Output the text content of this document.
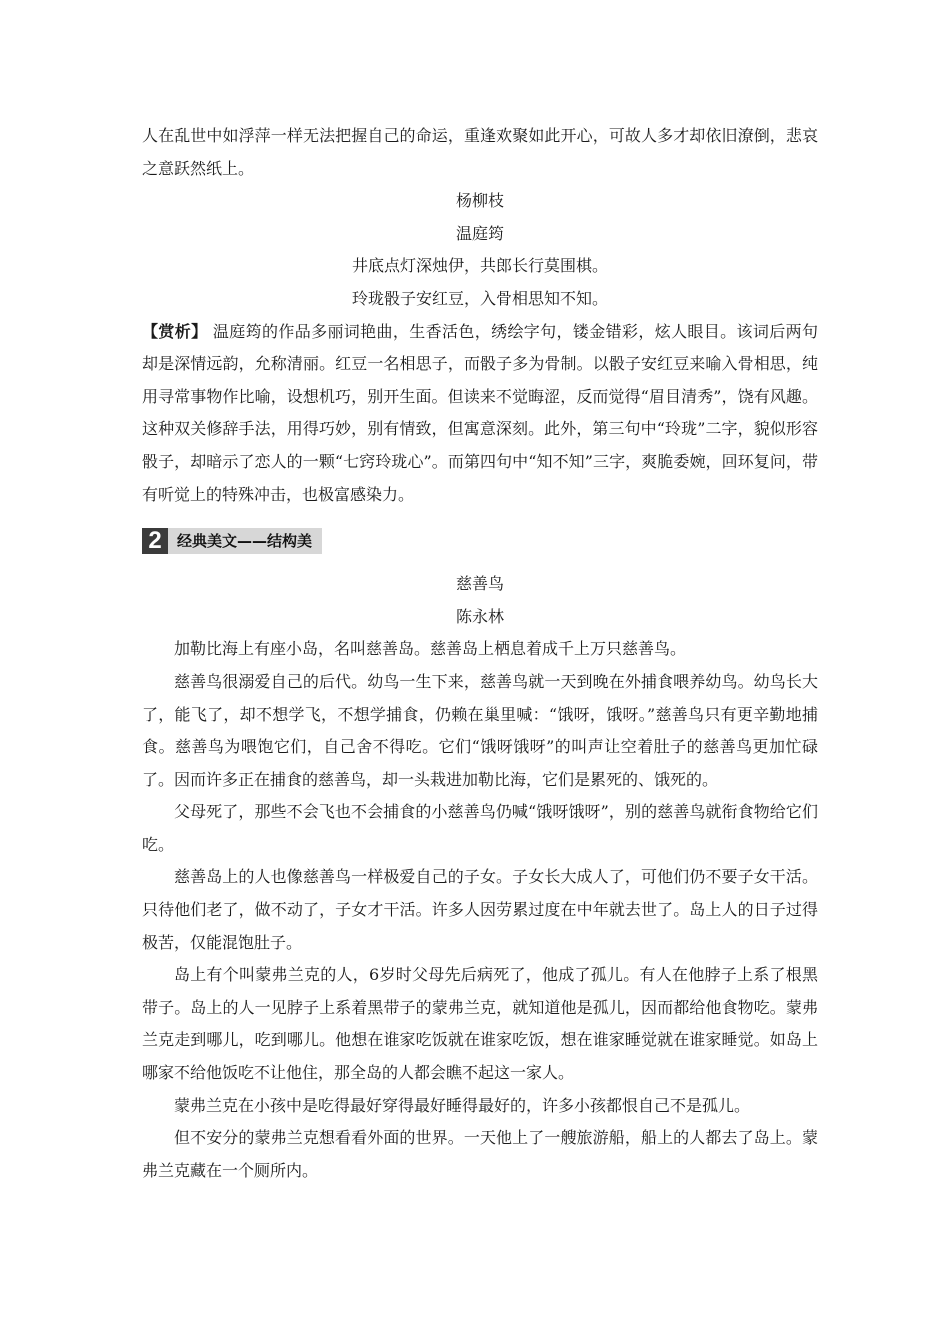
人在乱世中如浮萍一样无法把握自己的命运，重逢欢聚如此开心，可故人多才却依旧潦倒，悲哀之意跃然纸上。

杨柳枝

温庭筠

井底点灯深烛伊，共郎长行莫围棋。

玲珑骰子安红豆，入骨相思知不知。

【赏析】 温庭筠的作品多丽词艳曲，生香活色，绣绘字句，镂金错彩，炫人眼目。该词后两句却是深情远韵，允称清丽。红豆一名相思子，而骰子多为骨制。以骰子安红豆来喻入骨相思，纯用寻常事物作比喻，设想机巧，别开生面。但读来不觉晦涩，反而觉得“眉目清秀”，饶有风趣。这种双关修辞手法，用得巧妙，别有情致，但寓意深刻。此外，第三句中“玲珑”二字，貌似形容骰子，却暗示了恋人的一颗“七窍玲珑心”。而第四句中“知不知”三字，爽脆委婉，回环复问，带有听觉上的特殊冲击，也极富感染力。

2	经典美文——结构美

慈善鸟

陈永林

加勒比海上有座小岛，名叫慈善岛。慈善岛上栖息着成千上万只慈善鸟。

慈善鸟很溺爱自己的后代。幼鸟一生下来，慈善鸟就一天到晚在外捕食喂养幼鸟。幼鸟长大了，能飞了，却不想学飞，不想学捕食，仍赖在巢里喊：“饿呀，饿呀。”慈善鸟只有更辛勤地捕食。慈善鸟为喂饱它们，自己舍不得吃。它们“饿呀饿呀”的叫声让空着肚子的慈善鸟更加忙碌了。因而许多正在捕食的慈善鸟，却一头栽进加勒比海，它们是累死的、饿死的。

父母死了，那些不会飞也不会捕食的小慈善鸟仍喊“饿呀饿呀”，别的慈善鸟就衔食物给它们吃。

慈善岛上的人也像慈善鸟一样极爱自己的子女。子女长大成人了，可他们仍不要子女干活。只待他们老了，做不动了，子女才干活。许多人因劳累过度在中年就去世了。岛上人的日子过得极苦，仅能混饱肚子。

岛上有个叫蒙弗兰克的人，6岁时父母先后病死了，他成了孤儿。有人在他脖子上系了根黑带子。岛上的人一见脖子上系着黑带子的蒙弗兰克，就知道他是孤儿，因而都给他食物吃。蒙弗兰克走到哪儿，吃到哪儿。他想在谁家吃饭就在谁家吃饭，想在谁家睡觉就在谁家睡觉。如岛上哪家不给他饭吃不让他住，那全岛的人都会瞧不起这一家人。

蒙弗兰克在小孩中是吃得最好穿得最好睡得最好的，许多小孩都恨自己不是孤儿。

但不安分的蒙弗兰克想看看外面的世界。一天他上了一艘旅游船，船上的人都去了岛上。蒙弗兰克藏在一个厕所内。
